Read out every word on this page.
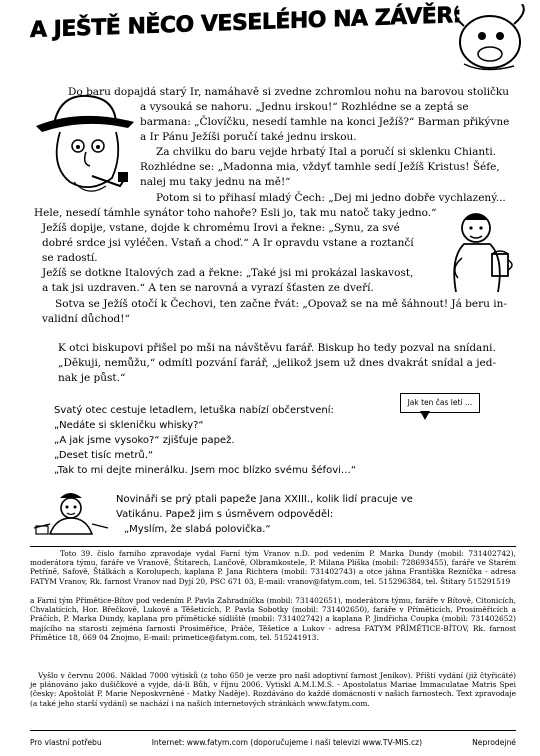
A JEŠTĚ NĚCO VESELÉHO NA ZÁVĚR:
Do baru dopajdá starý Ir, namáhavě si zvedne zchromlou nohu na barovou stoličku
a vysouká se nahoru. „Jednu irskou!“ Rozhlédne se a zeptá se
barmana: „Človíčku, nesedí tamhle na konci Ježíš?“ Barman přikývne
a Ir Pánu Ježíši poručí také jednu irskou.
Za chvilku do baru vejde hrbatý Ital a poručí si sklenku Chianti.
Rozhlédne se: „Madonna mia, vždyť tamhle sedí Ježíš Kristus! Šéfe,
nalej mu taky jednu na mě!“
Potom si to přihasí mladý Čech: „Dej mi jedno dobře vychlazený...
Hele, nesedí támhle synátor toho nahoře? Esli jo, tak mu natoč taky jedno.“
Ježíš dopije, vstane, dojde k chromému Irovi a řekne: „Synu, za své
dobré srdce jsi vyléčen. Vstaň a choď.“ A Ir opravdu vstane a roztančí
se radostí.
Ježíš se dotkne Italových zad a řekne: „Také jsi mi prokázal laskavost,
a tak jsi uzdraven.“ A ten se narovná a vyrazí šťasten ze dveří.
Sotva se Ježíš otočí k Čechovi, ten začne řvát: „Opovaž se na mě šáhnout! Já beru in-
validní důchod!“
K otci biskupovi přišel po mši na návštěvu farář. Biskup ho tedy pozval na snídani.
„Děkuji, nemůžu,“ odmítl pozvání farář, „jelikož jsem už dnes dvakrát snídal a jed-
nak je půst.“
Jak ten čas letí …
Svatý otec cestuje letadlem, letuška nabízí občerstvení:
„Nedáte si skleničku whisky?“
„A jak jsme vysoko?“ zjišťuje papež.
„Deset tisíc metrů.“
„Tak to mi dejte minerálku. Jsem moc blízko svému šéfovi…“
Novináři se prý ptali papeže Jana XXIII., kolik lidí pracuje ve
Vatikánu. Papež jim s úsměvem odpověděl:
„Myslím, že slabá polovička.“
Toto 39. číslo farního zpravodaje vydal Farní tým Vranov n.D. pod vedením P. Marka Dundy (mobil: 731402742), moderátora týmu, faráře ve Vranově, Štítarech, Lančově, Olbramkostele, P. Milana Plíška (mobil: 728693455), faráře ve Starém Petříně, Safově, Štálkách a Korolupech, kaplana P. Jana Richtera (mobil: 731402743) a otce jáhna Františka Rezníčka - adresa FATYM Vranov, Rk. farnost Vranov nad Dyjí 20, PSC 671 03, E-mail: vranov@fatym.com, tel. 515296384, tel. Štítary 515291519
a Farní tým Přímětice-Bítov pod vedením P. Pavla Zahradníčka (mobil: 731402651), moderátora týmu, faráře v Bítově, Citonicích, Chvalatících, Hor. Břečkově, Lukově a Těšeticích, P. Pavla Sobotky (mobil: 731402650), faráře v Příměticích, Prosiměřicích a Práčích, P. Marka Dundy, kaplana pro přímětické sídliště (mobil: 731402742) a kaplana P. Jindřicha Coupka (mobil: 731402652) majícího na starosti zejména farnosti Prosiměřice, Práče, Těšetice a Lukov - adresa FATYM PŘÍMĚTICE-BÍTOV, Rk. farnost Přímětice 18, 669 04 Znojmo, E-mail: primetice@fatym.com, tel. 515241913.
Vyšlo v červnu 2006. Náklad 7000 výtisků (z toho 650 je verze pro naši adoptivní farnost Jeníkov). Příští vydání (již čtyřicáté) je plánováno jako dušičkové a vyjde, dá-li Bůh, v říjnu 2006. Vytiskl A.M.I.M.S. - Apostolatus Mariae Immaculatae Matris Spei (česky: Apoštolát P. Marie Neposkvrněné - Matky Naděje). Rozdáváno do každé domácnosti v našich farnostech. Text zpravodaje (a také jeho starší vydání) se nachází i na našich internetových stránkách www.fatym.com.
Pro vlastní potřebu	Internet: www.fatym.com (doporučujeme i naši televizi www.TV-MIS.cz)	Neprodejné
